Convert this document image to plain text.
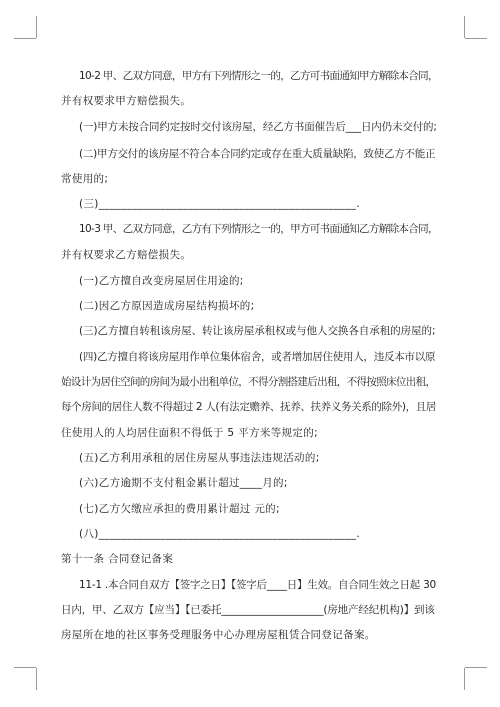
10-2 甲、乙双方同意，甲方有下列情形之一的，乙方可书面通知甲方解除本合同，
并有权要求甲方赔偿损失。
(一)甲方未按合同约定按时交付该房屋，经乙方书面催告后___日内仍未交付的;
(二)甲方交付的该房屋不符合本合同约定或存在重大质量缺陷，致使乙方不能正
常使用的;
(三)______________________________________________.
10-3 甲、乙双方同意，乙方有下列情形之一的，甲方可书面通知乙方解除本合同，
并有权要求乙方赔偿损失。
(一)乙方擅自改变房屋居住用途的;
(二)因乙方原因造成房屋结构损坏的;
(三)乙方擅自转租该房屋、转让该房屋承租权或与他人交换各自承租的房屋的;
(四)乙方擅自将该房屋用作单位集体宿舍，或者增加居住使用人，违反本市以原
始设计为居住空间的房间为最小出租单位，不得分割搭建后出租，不得按照床位出租，
每个房间的居住人数不得超过 2 人(有法定赡养、抚养、扶养义务关系的除外)，且居
住使用人的人均居住面积不得低于 5 平方米等规定的;
(五)乙方利用承租的居住房屋从事违法违规活动的;
(六)乙方逾期不支付租金累计超过____月的;
(七)乙方欠缴应承担的费用累计超过 元的;
(八)______________________________________________.
第十一条 合同登记备案
11-1 .本合同自双方【签字之日】【签字后____日】生效。自合同生效之日起 30
日内，甲、乙双方【应当】【已委托____________________(房地产经纪机构)】到该
房屋所在地的社区事务受理服务中心办理房屋租赁合同登记备案。
